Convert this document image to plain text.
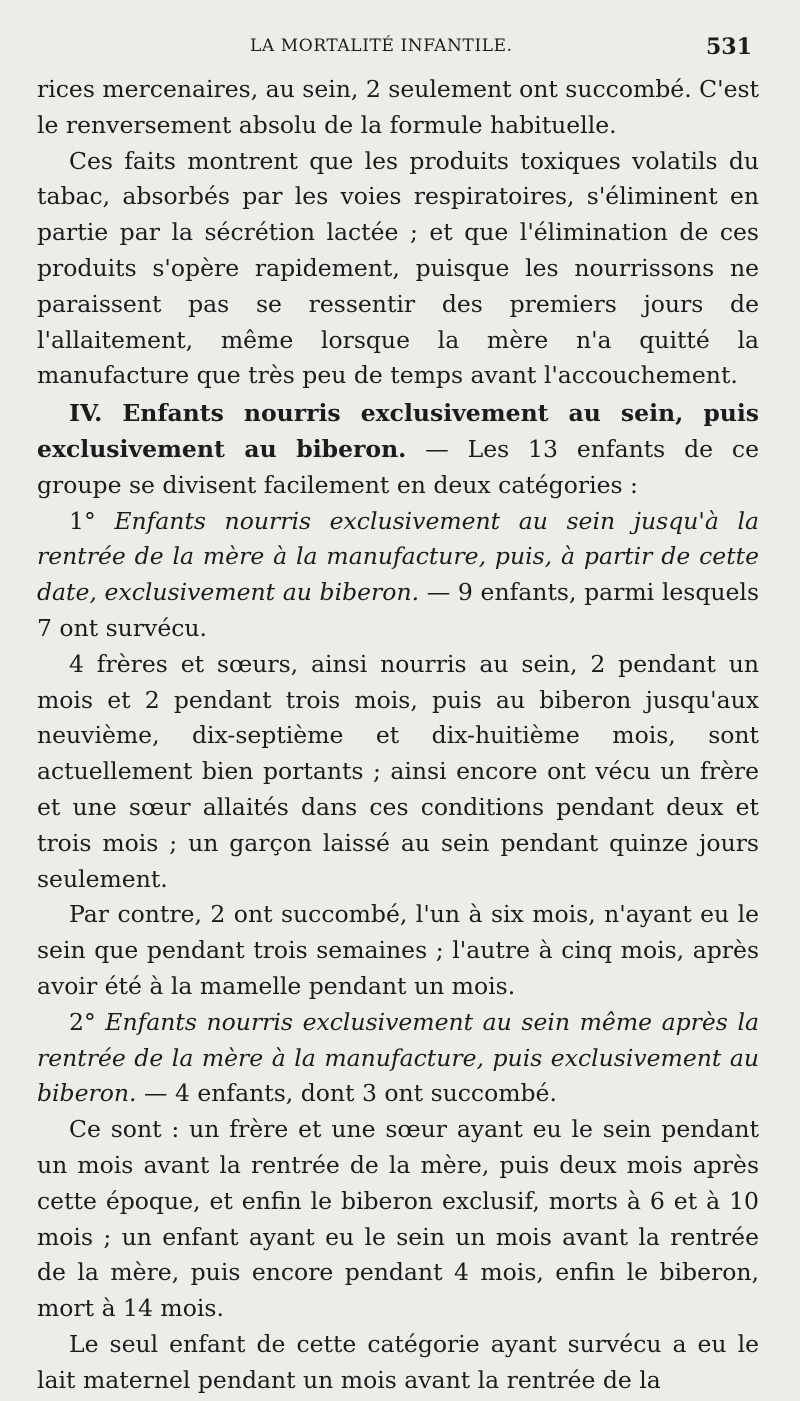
LA MORTALITÉ INFANTILE.	531

rices mercenaires, au sein, 2 seulement ont succombé. C'est le renversement absolu de la formule habituelle.

Ces faits montrent que les produits toxiques volatils du tabac, absorbés par les voies respiratoires, s'éliminent en partie par la sécrétion lactée ; et que l'élimination de ces produits s'opère rapidement, puisque les nourrissons ne paraissent pas se ressentir des premiers jours de l'allaitement, même lorsque la mère n'a quitté la manufacture que très peu de temps avant l'accouchement.

IV. Enfants nourris exclusivement au sein, puis exclusivement au biberon. — Les 13 enfants de ce groupe se divisent facilement en deux catégories :

1° Enfants nourris exclusivement au sein jusqu'à la rentrée de la mère à la manufacture, puis, à partir de cette date, exclusivement au biberon. — 9 enfants, parmi lesquels 7 ont survécu.

4 frères et sœurs, ainsi nourris au sein, 2 pendant un mois et 2 pendant trois mois, puis au biberon jusqu'aux neuvième, dix-septième et dix-huitième mois, sont actuellement bien portants ; ainsi encore ont vécu un frère et une sœur allaités dans ces conditions pendant deux et trois mois ; un garçon laissé au sein pendant quinze jours seulement.

Par contre, 2 ont succombé, l'un à six mois, n'ayant eu le sein que pendant trois semaines ; l'autre à cinq mois, après avoir été à la mamelle pendant un mois.

2° Enfants nourris exclusivement au sein même après la rentrée de la mère à la manufacture, puis exclusivement au biberon. — 4 enfants, dont 3 ont succombé.

Ce sont : un frère et une sœur ayant eu le sein pendant un mois avant la rentrée de la mère, puis deux mois après cette époque, et enfin le biberon exclusif, morts à 6 et à 10 mois ; un enfant ayant eu le sein un mois avant la rentrée de la mère, puis encore pendant 4 mois, enfin le biberon, mort à 14 mois.

Le seul enfant de cette catégorie ayant survécu a eu le lait maternel pendant un mois avant la rentrée de la
